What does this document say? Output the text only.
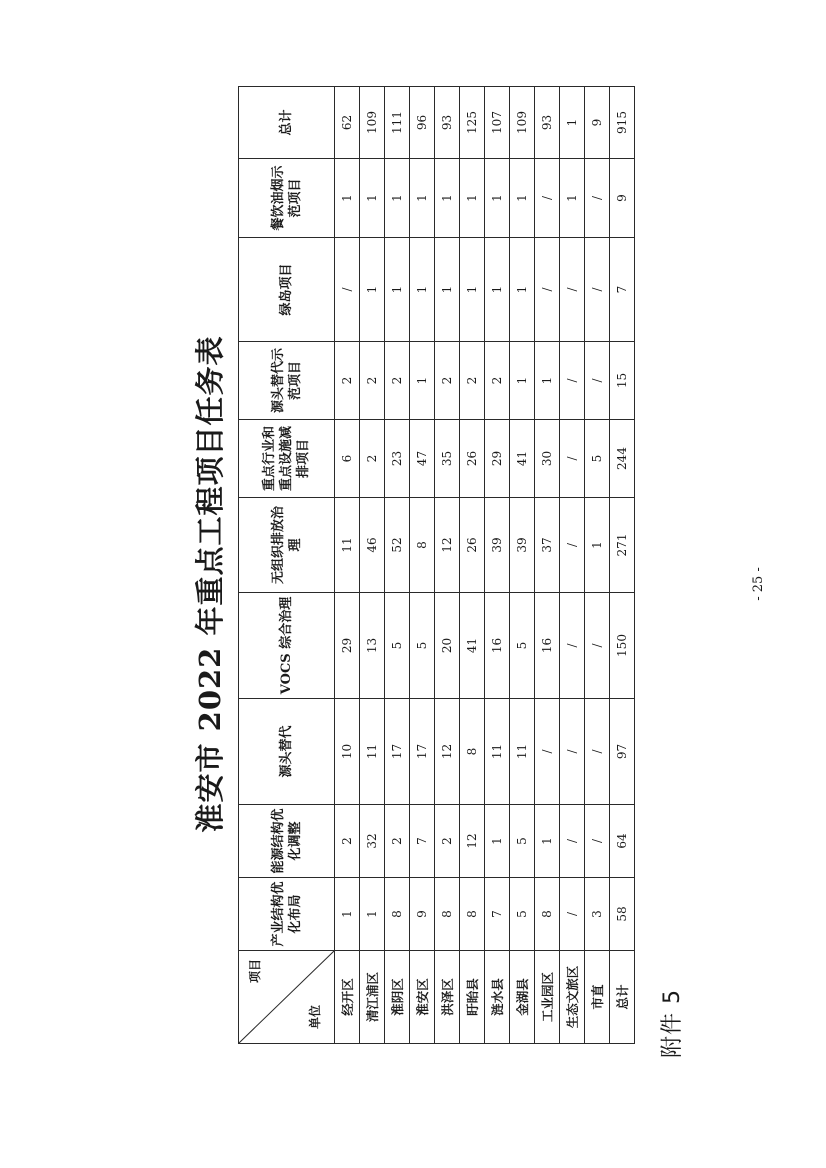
附件 5
淮安市 2022 年重点工程项目任务表
项目
单位	产业结构优化布局	能源结构优化调整	源头替代	VOCS 综合治理	无组织排放治理	重点行业和重点设施减排项目	源头替代示范项目	绿岛项目	餐饮油烟示范项目	总计
经开区	1	2	10	29	11	6	2	/	1	62
清江浦区	1	32	11	13	46	2	2	1	1	109
淮阴区	8	2	17	5	52	23	2	1	1	111
淮安区	9	7	17	5	8	47	1	1	1	96
洪泽区	8	2	12	20	12	35	2	1	1	93
盱眙县	8	12	8	41	26	26	2	1	1	125
涟水县	7	1	11	16	39	29	2	1	1	107
金湖县	5	5	11	5	39	41	1	1	1	109
工业园区	8	1	/	16	37	30	1	/	/	93
生态文旅区	/	/	/	/	/	/	/	/	1	1
市直	3	/	/	/	1	5	/	/	/	9
总计	58	64	97	150	271	244	15	7	9	915
- 25 -
